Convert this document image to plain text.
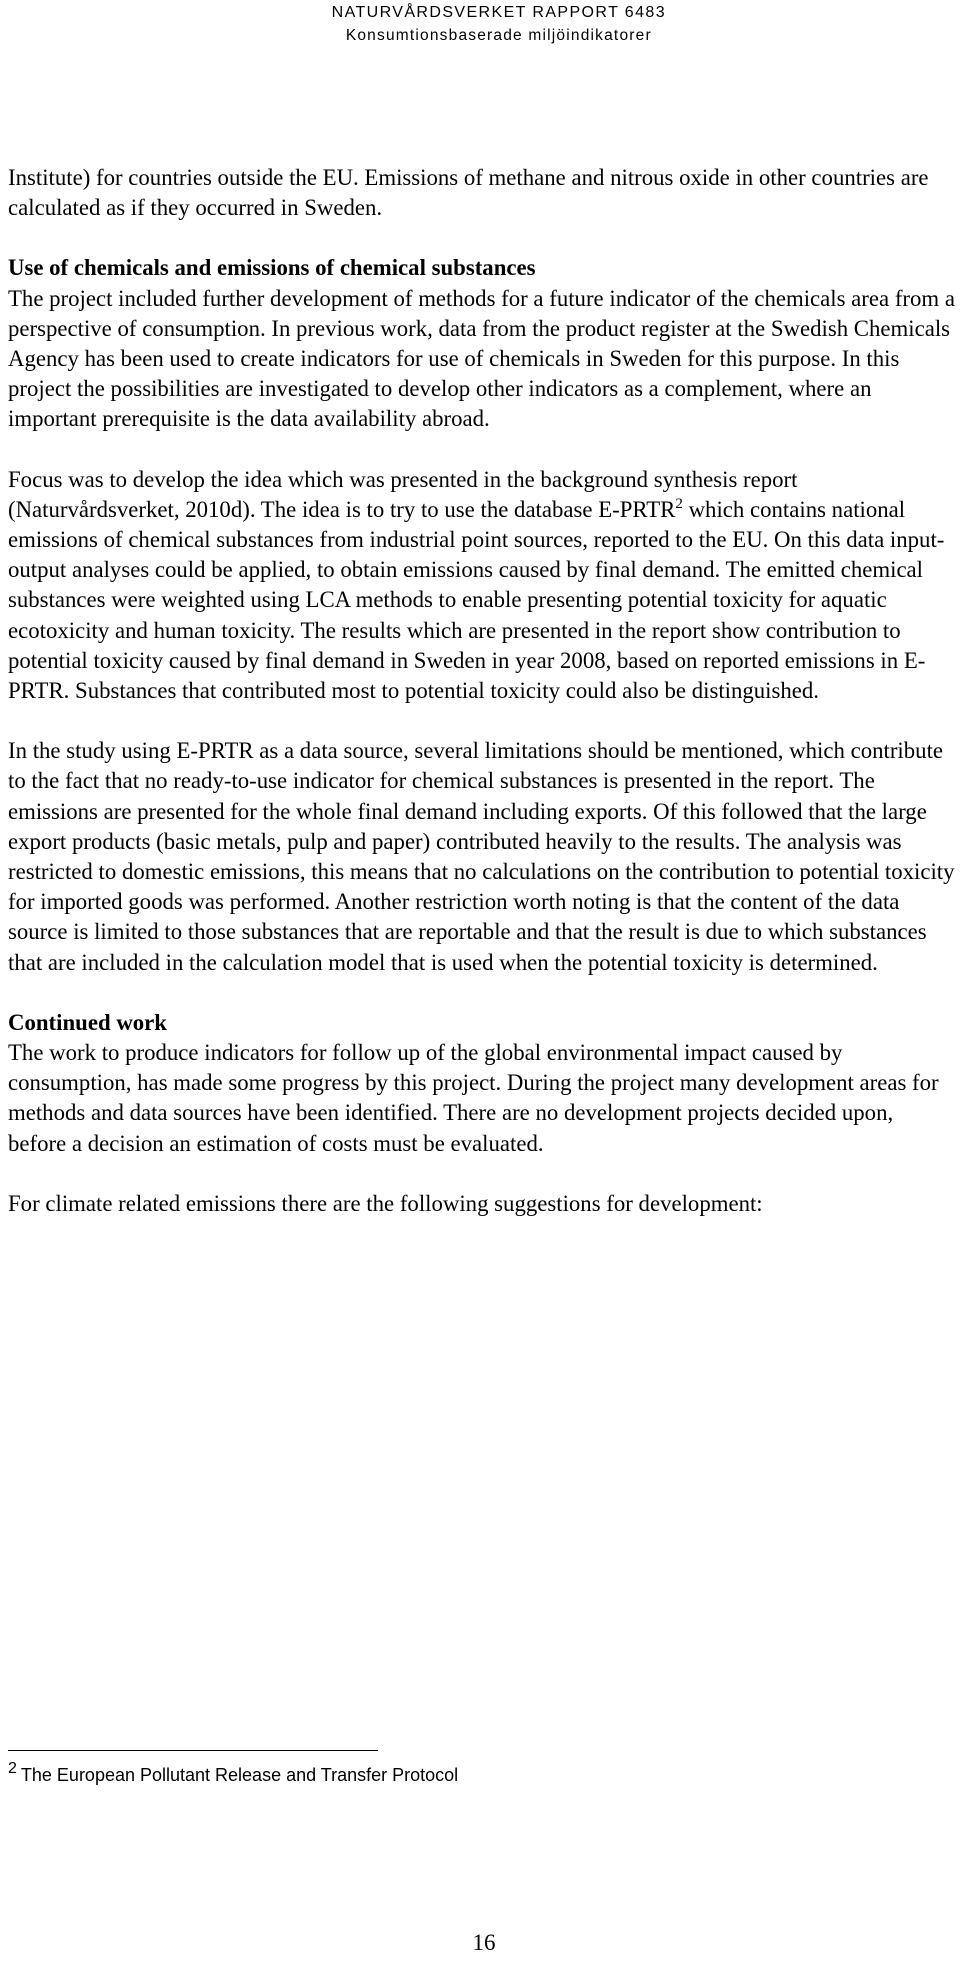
NATURVÅRDSVERKET RAPPORT 6483
Konsumtionsbaserade miljöindikatorer

Institute) for countries outside the EU. Emissions of methane and nitrous oxide in other countries are calculated as if they occurred in Sweden.

Use of chemicals and emissions of chemical substances

The project included further development of methods for a future indicator of the chemicals area from a perspective of consumption. In previous work, data from the product register at the Swedish Chemicals Agency has been used to create indicators for use of chemicals in Sweden for this purpose. In this project the possibilities are investigated to develop other indicators as a complement, where an important prerequisite is the data availability abroad.

Focus was to develop the idea which was presented in the background synthesis report (Naturvårdsverket, 2010d). The idea is to try to use the database E-PRTR$^2$ which contains national emissions of chemical substances from industrial point sources, reported to the EU. On this data input-output analyses could be applied, to obtain emissions caused by final demand. The emitted chemical substances were weighted using LCA methods to enable presenting potential toxicity for aquatic ecotoxicity and human toxicity. The results which are presented in the report show contribution to potential toxicity caused by final demand in Sweden in year 2008, based on reported emissions in E-PRTR. Substances that contributed most to potential toxicity could also be distinguished.

In the study using E-PRTR as a data source, several limitations should be mentioned, which contribute to the fact that no ready-to-use indicator for chemical substances is presented in the report. The emissions are presented for the whole final demand including exports. Of this followed that the large export products (basic metals, pulp and paper) contributed heavily to the results. The analysis was restricted to domestic emissions, this means that no calculations on the contribution to potential toxicity for imported goods was performed. Another restriction worth noting is that the content of the data source is limited to those substances that are reportable and that the result is due to which substances that are included in the calculation model that is used when the potential toxicity is determined.

Continued work

The work to produce indicators for follow up of the global environmental impact caused by consumption, has made some progress by this project. During the project many development areas for methods and data sources have been identified. There are no development projects decided upon, before a decision an estimation of costs must be evaluated.

For climate related emissions there are the following suggestions for development:

2 The European Pollutant Release and Transfer Protocol
16
